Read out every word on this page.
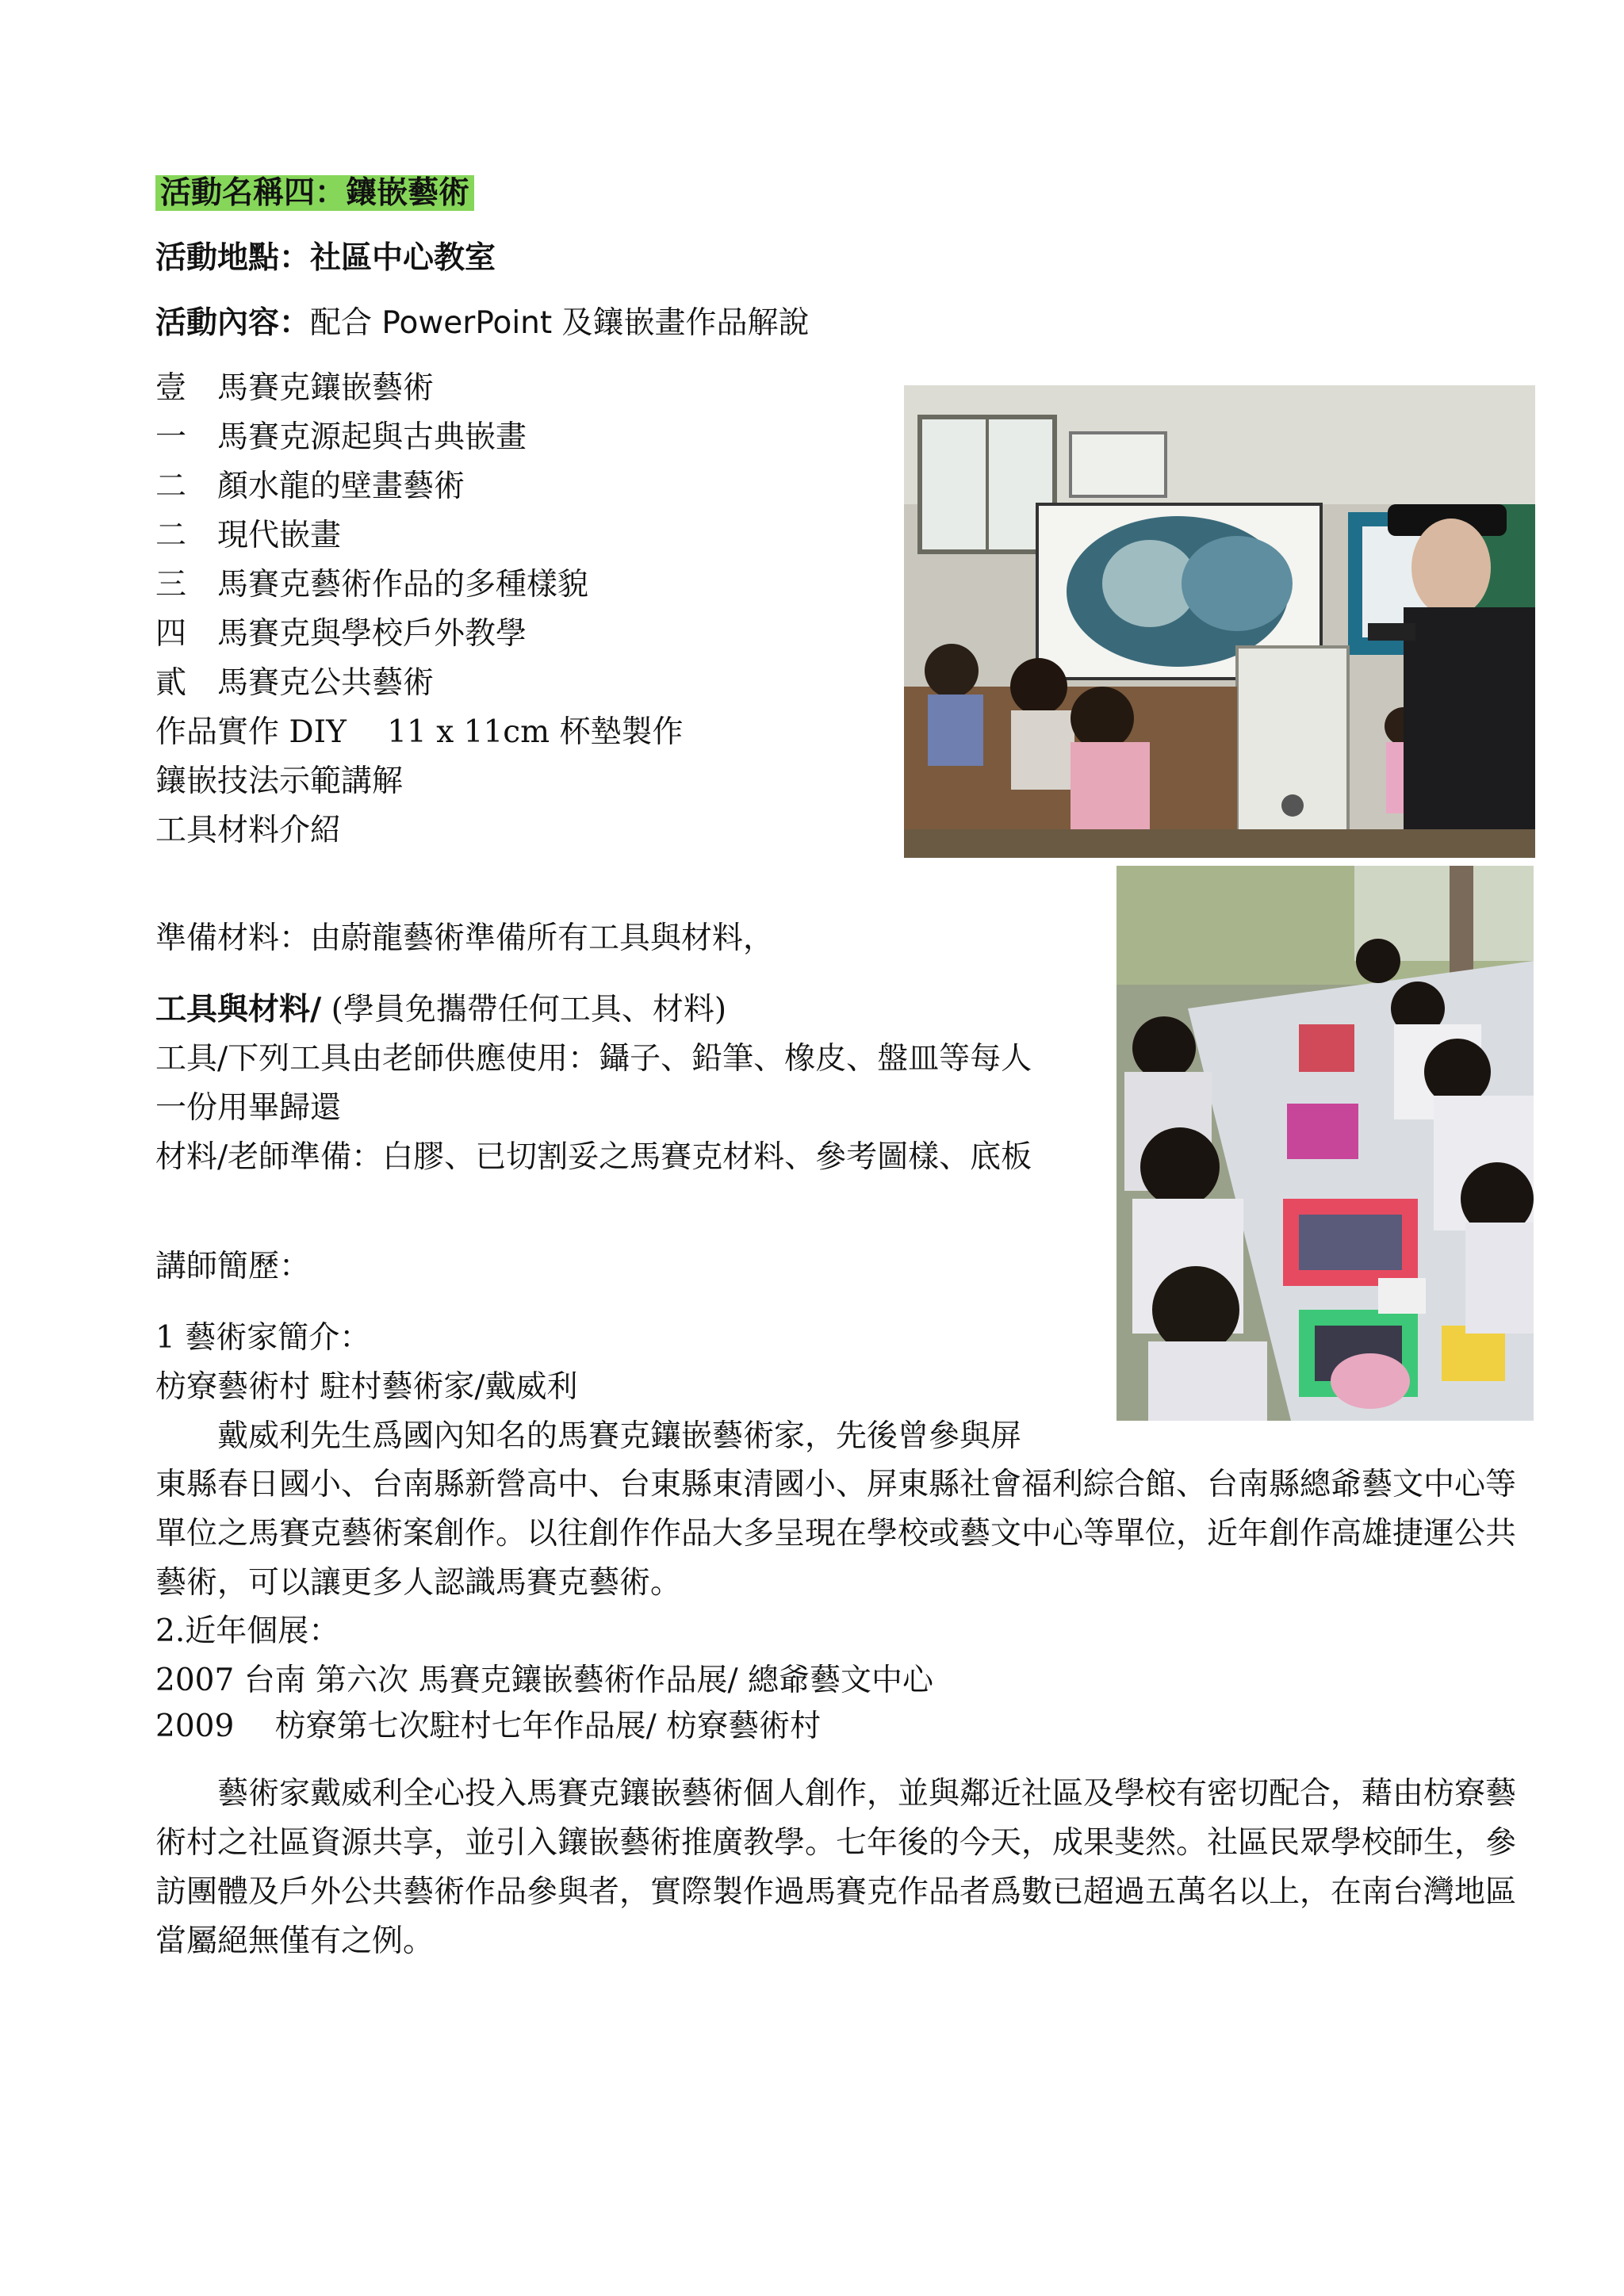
活動名稱四：鑲嵌藝術
活動地點：社區中心教室
活動內容：配合 PowerPoint 及鑲嵌畫作品解說
壹　馬賽克鑲嵌藝術
一　馬賽克源起與古典嵌畫
二　顏水龍的壁畫藝術
二　現代嵌畫
三　馬賽克藝術作品的多種樣貌
四　馬賽克與學校戶外教學
貳　馬賽克公共藝術
作品實作 DIY　 11 x 11cm 杯墊製作
鑲嵌技法示範講解
工具材料介紹
準備材料：由蔚龍藝術準備所有工具與材料，
工具與材料/ (學員免攜帶任何工具、材料)
工具/下列工具由老師供應使用：鑷子、鉛筆、橡皮、盤皿等每人
一份用畢歸還
材料/老師準備：白膠、已切割妥之馬賽克材料、參考圖樣、底板
講師簡歷：
1 藝術家簡介：
枋寮藝術村 駐村藝術家/戴威利
　　戴威利先生爲國內知名的馬賽克鑲嵌藝術家，先後曾參與屏
東縣春日國小、台南縣新營高中、台東縣東清國小、屏東縣社會福利綜合館、台南縣總爺藝文中心等單位之馬賽克藝術案創作。以往創作作品大多呈現在學校或藝文中心等單位，近年創作高雄捷運公共藝術，可以讓更多人認識馬賽克藝術。
2.近年個展：
2007 台南 第六次 馬賽克鑲嵌藝術作品展/ 總爺藝文中心
2009　 枋寮第七次駐村七年作品展/ 枋寮藝術村
　　藝術家戴威利全心投入馬賽克鑲嵌藝術個人創作，並與鄰近社區及學校有密切配合，藉由枋寮藝術村之社區資源共享，並引入鑲嵌藝術推廣教學。七年後的今天，成果斐然。社區民眾學校師生，參訪團體及戶外公共藝術作品參與者，實際製作過馬賽克作品者爲數已超過五萬名以上，在南台灣地區當屬絕無僅有之例。
